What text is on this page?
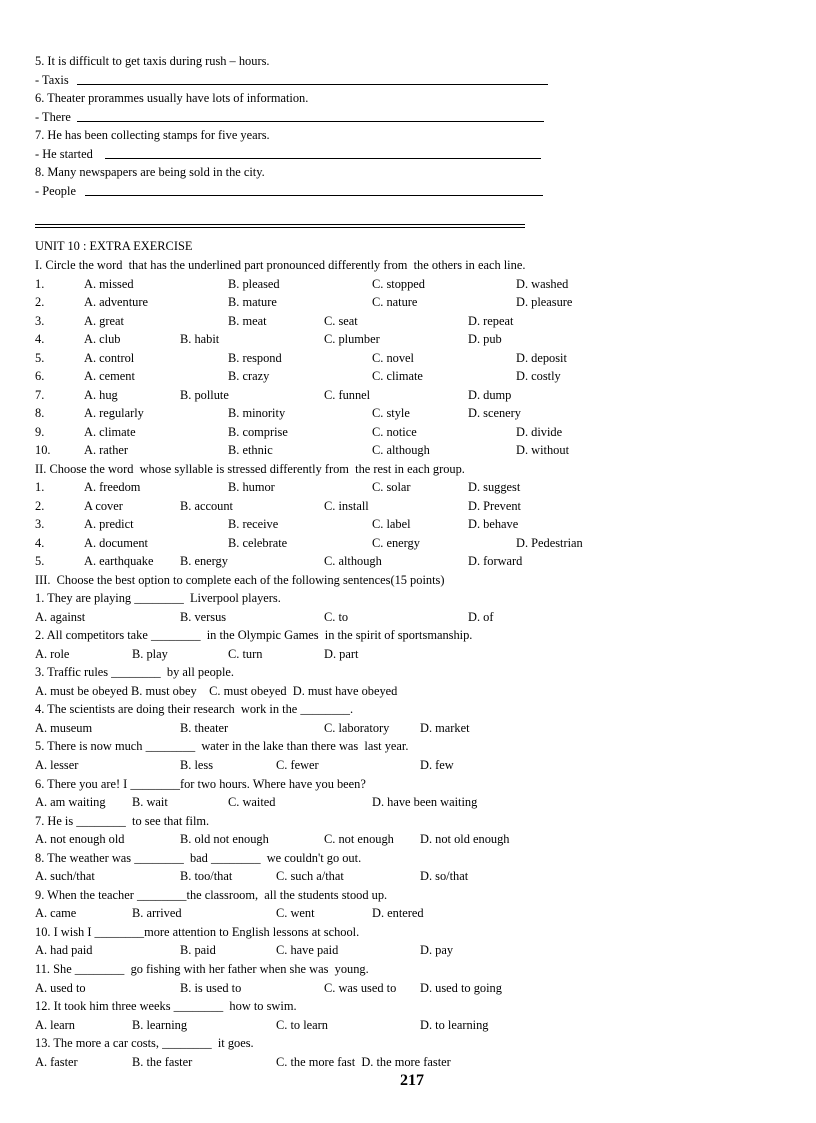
5. It is difficult to get taxis during rush – hours.
- Taxis
6. Theater proramme​s usually have lots of information.
- There
7. He has been collecting stamps for five years.
- He started
8. Many newspapers are being sold in the city.
- People
UNIT 10 : EXTRA EXERCISE
I. Circle the word  that has the underlined part pronounced differently from  the others in each line.
1.	A. missed	B. pleased	C. stopped	D. washed
2.	A. adventure	B. mature	C. nature	D. pleasure
3.	A. great	B. meat	C. seat	D. repeat
4.	A. club	B. habit	C. plumber	D. pub
5.	A. control	B. respond	C. novel	D. deposit
6.	A. cement	B. crazy	C. climate	D. costly
7.	A. hug	B. pollute	C. funnel	D. dump
8.	A. regularly	B. minority	C. style	D. scenery
9.	A. climate	B. comprise	C. notice	D. divide
10.	A. rather	B. ethnic	C. although	D. without
II. Choose the word  whose syllable is stressed differently from  the rest in each group.
1.	A. freedom	B. humor	C. solar	D. suggest
2.	A cover	B. account	C. install	D. Prevent
3.	A. predict	B. receive	C. label	D. behave
4.	A. document	B. celebrate	C. energy	D. Pedestrian
5.	A. earthquake B. energy	C. although	D. forward
III.  Choose the best option to complete each of the following sentences(15 points)
1. They are playing ________  Liverpool players.
A. against	B. versus	C. to	D. of
2. All competitors take ________  in the Olympic Games  in the spirit of sportsmanship.
A. role	B. play	C. turn	D. part
3. Traffic rules ________  by all people.
A. must be obeyed B. must obey    C. must obeyed  D. must have obeyed
4. The scientists are doing their research  work in the ________.
A. museum	B. theater	C. laboratory D. market
5. There is now much ________  water in the lake than there was  last year.
A. lesser	B. less	C. fewer	D. few
6. There you are! I ________for two hours. Where have you been?
A. am waiting B. wait	C. waited	D. have been waiting
7. He is ________  to see that film.
A. not enough old	B. old not enough	C. not enough D. not old enough
8. The weather was ________  bad ________  we couldn't go out.
A. such/that	B. too/that	C. such a/that	D. so/that
9. When the teacher ________the classroom,  all the students stood up.
A. came	B. arrived	C. went	D. entered
10. I wish I ________more attention to English lessons at school.
A. had paid	B. paid	C. have paid	D. pay
11. She ________  go fishing with her father when she was  young.
A. used to	B. is used to	C. was used to D. used to going
12. It took him three weeks ________  how to swim.
A. learn	B. learning	C. to learn	D. to learning
13. The more a car costs, ________  it goes.
A. faster	B. the faster	C. the more fast  D. the more faster
217
